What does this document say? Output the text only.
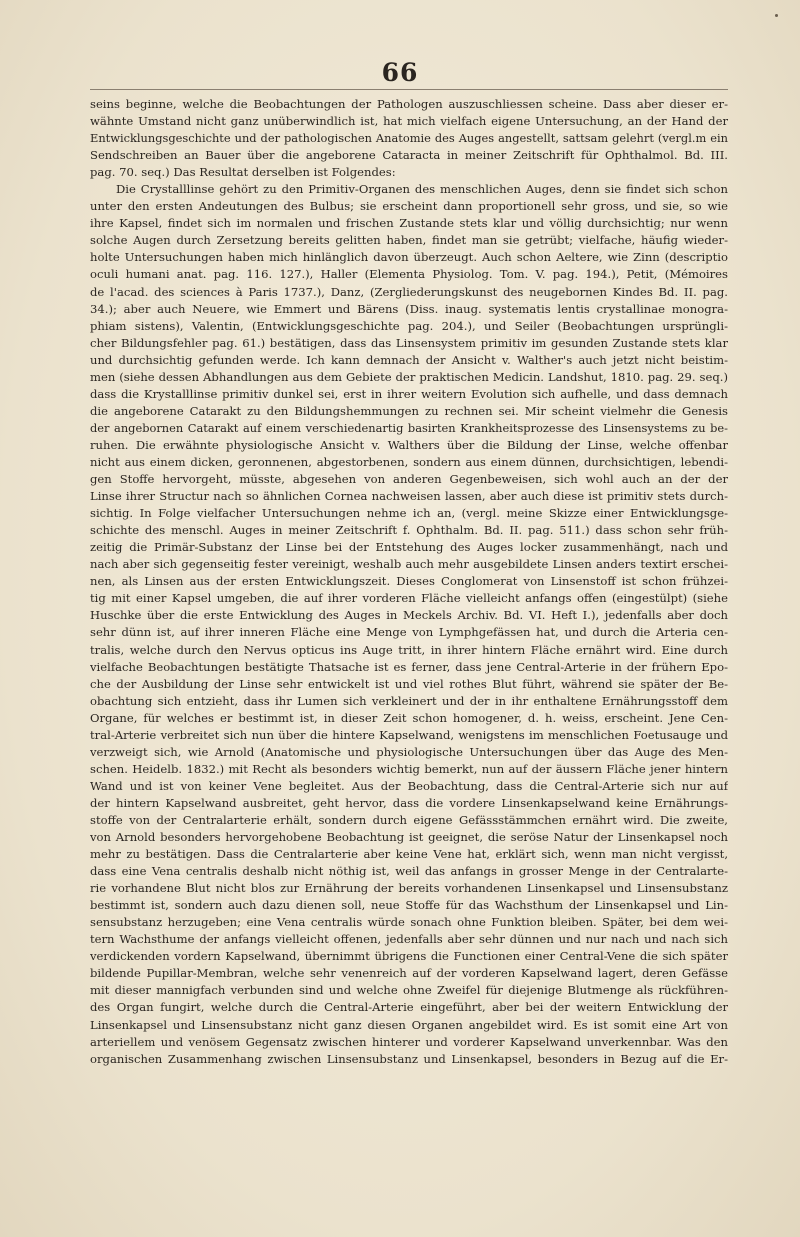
66
seins beginne, welche die Beobachtungen der Pathologen auszuschliessen scheine. Dass aber dieser er-
wähnte Umstand nicht ganz unüberwindlich ist, hat mich vielfach eigene Untersuchung, an der Hand der
Entwicklungsgeschichte und der pathologischen Anatomie des Auges angestellt, sattsam gelehrt (vergl.m ein
Sendschreiben an Bauer über die angeborene Cataracta in meiner Zeitschrift für Ophthalmol. Bd. III.
pag. 70. seq.) Das Resultat derselben ist Folgendes:
Die Crystalllinse gehört zu den Primitiv-Organen des menschlichen Auges, denn sie findet sich schon
unter den ersten Andeutungen des Bulbus; sie erscheint dann proportionell sehr gross, und sie, so wie
ihre Kapsel, findet sich im normalen und frischen Zustande stets klar und völlig durchsichtig; nur wenn
solche Augen durch Zersetzung bereits gelitten haben, findet man sie getrübt; vielfache, häufig wieder-
holte Untersuchungen haben mich hinlänglich davon überzeugt. Auch schon Aeltere, wie Zinn (descriptio
oculi humani anat. pag. 116. 127.), Haller (Elementa Physiolog. Tom. V. pag. 194.), Petit, (Mémoires
de l'acad. des sciences à Paris 1737.), Danz, (Zergliederungskunst des neugebornen Kindes Bd. II. pag.
34.); aber auch Neuere, wie Emmert und Bärens (Diss. inaug. systematis lentis crystallinae monogra-
phiam sistens), Valentin, (Entwicklungsgeschichte pag. 204.), und Seiler (Beobachtungen ursprüngli-
cher Bildungsfehler pag. 61.) bestätigen, dass das Linsensystem primitiv im gesunden Zustande stets klar
und durchsichtig gefunden werde. Ich kann demnach der Ansicht v. Walther's auch jetzt nicht beistim-
men (siehe dessen Abhandlungen aus dem Gebiete der praktischen Medicin. Landshut, 1810. pag. 29. seq.)
dass die Krystalllinse primitiv dunkel sei, erst in ihrer weitern Evolution sich aufhelle, und dass demnach
die angeborene Catarakt zu den Bildungshemmungen zu rechnen sei. Mir scheint vielmehr die Genesis
der angebornen Catarakt auf einem verschiedenartig basirten Krankheitsprozesse des Linsensystems zu be-
ruhen. Die erwähnte physiologische Ansicht v. Walthers über die Bildung der Linse, welche offenbar
nicht aus einem dicken, geronnenen, abgestorbenen, sondern aus einem dünnen, durchsichtigen, lebendi-
gen Stoffe hervorgeht, müsste, abgesehen von anderen Gegenbeweisen, sich wohl auch an der der
Linse ihrer Structur nach so ähnlichen Cornea nachweisen lassen, aber auch diese ist primitiv stets durch-
sichtig. In Folge vielfacher Untersuchungen nehme ich an, (vergl. meine Skizze einer Entwicklungsge-
schichte des menschl. Auges in meiner Zeitschrift f. Ophthalm. Bd. II. pag. 511.) dass schon sehr früh-
zeitig die Primär-Substanz der Linse bei der Entstehung des Auges locker zusammenhängt, nach und
nach aber sich gegenseitig fester vereinigt, weshalb auch mehr ausgebildete Linsen anders textirt erschei-
nen, als Linsen aus der ersten Entwicklungszeit. Dieses Conglomerat von Linsenstoff ist schon frühzei-
tig mit einer Kapsel umgeben, die auf ihrer vorderen Fläche vielleicht anfangs offen (eingestülpt) (siehe
Huschke über die erste Entwicklung des Auges in Meckels Archiv. Bd. VI. Heft I.), jedenfalls aber doch
sehr dünn ist, auf ihrer inneren Fläche eine Menge von Lymphgefässen hat, und durch die Arteria cen-
tralis, welche durch den Nervus opticus ins Auge tritt, in ihrer hintern Fläche ernährt wird. Eine durch
vielfache Beobachtungen bestätigte Thatsache ist es ferner, dass jene Central-Arterie in der frühern Epo-
che der Ausbildung der Linse sehr entwickelt ist und viel rothes Blut führt, während sie später der Be-
obachtung sich entzieht, dass ihr Lumen sich verkleinert und der in ihr enthaltene Ernährungsstoff dem
Organe, für welches er bestimmt ist, in dieser Zeit schon homogener, d. h. weiss, erscheint. Jene Cen-
tral-Arterie verbreitet sich nun über die hintere Kapselwand, wenigstens im menschlichen Foetusauge und
verzweigt sich, wie Arnold (Anatomische und physiologische Untersuchungen über das Auge des Men-
schen. Heidelb. 1832.) mit Recht als besonders wichtig bemerkt, nun auf der äussern Fläche jener hintern
Wand und ist von keiner Vene begleitet. Aus der Beobachtung, dass die Central-Arterie sich nur auf
der hintern Kapselwand ausbreitet, geht hervor, dass die vordere Linsenkapselwand keine Ernährungs-
stoffe von der Centralarterie erhält, sondern durch eigene Gefässstämmchen ernährt wird. Die zweite,
von Arnold besonders hervorgehobene Beobachtung ist geeignet, die seröse Natur der Linsenkapsel noch
mehr zu bestätigen. Dass die Centralarterie aber keine Vene hat, erklärt sich, wenn man nicht vergisst,
dass eine Vena centralis deshalb nicht nöthig ist, weil das anfangs in grosser Menge in der Centralarte-
rie vorhandene Blut nicht blos zur Ernährung der bereits vorhandenen Linsenkapsel und Linsensubstanz
bestimmt ist, sondern auch dazu dienen soll, neue Stoffe für das Wachsthum der Linsenkapsel und Lin-
sensubstanz herzugeben; eine Vena centralis würde sonach ohne Funktion bleiben. Später, bei dem wei-
tern Wachsthume der anfangs vielleicht offenen, jedenfalls aber sehr dünnen und nur nach und nach sich
verdickenden vordern Kapselwand, übernimmt übrigens die Functionen einer Central-Vene die sich später
bildende Pupillar-Membran, welche sehr venenreich auf der vorderen Kapselwand lagert, deren Gefässe
mit dieser mannigfach verbunden sind und welche ohne Zweifel für diejenige Blutmenge als rückführen-
des Organ fungirt, welche durch die Central-Arterie eingeführt, aber bei der weitern Entwicklung der
Linsenkapsel und Linsensubstanz nicht ganz diesen Organen angebildet wird. Es ist somit eine Art von
arteriellem und venösem Gegensatz zwischen hinterer und vorderer Kapselwand unverkennbar. Was den
organischen Zusammenhang zwischen Linsensubstanz und Linsenkapsel, besonders in Bezug auf die Er-
